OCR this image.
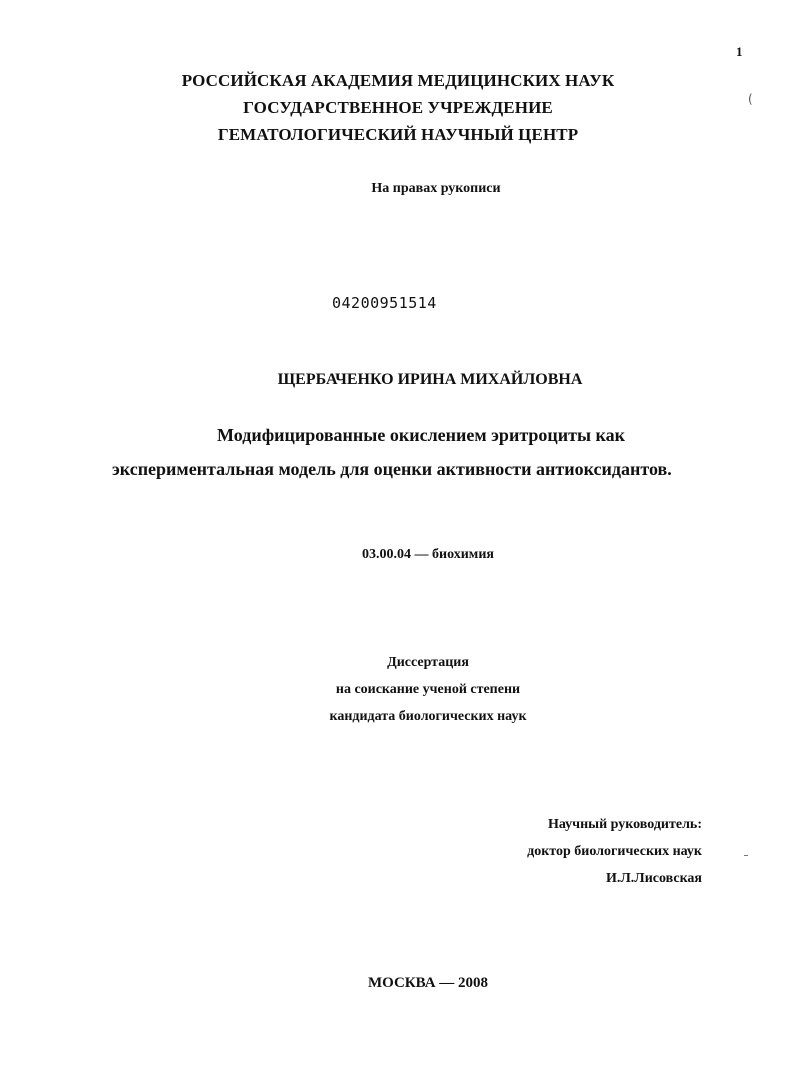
1
(
РОССИЙСКАЯ АКАДЕМИЯ МЕДИЦИНСКИХ НАУК
ГОСУДАРСТВЕННОЕ УЧРЕЖДЕНИЕ
ГЕМАТОЛОГИЧЕСКИЙ НАУЧНЫЙ ЦЕНТР
На правах рукописи
04200951514
ЩЕРБАЧЕНКО ИРИНА МИХАЙЛОВНА
Модифицированные окислением эритроциты как
экспериментальная модель для оценки активности антиоксидантов.
03.00.04 — биохимия
Диссертация
на соискание ученой степени
кандидата биологических наук
Научный руководитель:
доктор биологических наук
И.Л.Лисовская
МОСКВА — 2008
